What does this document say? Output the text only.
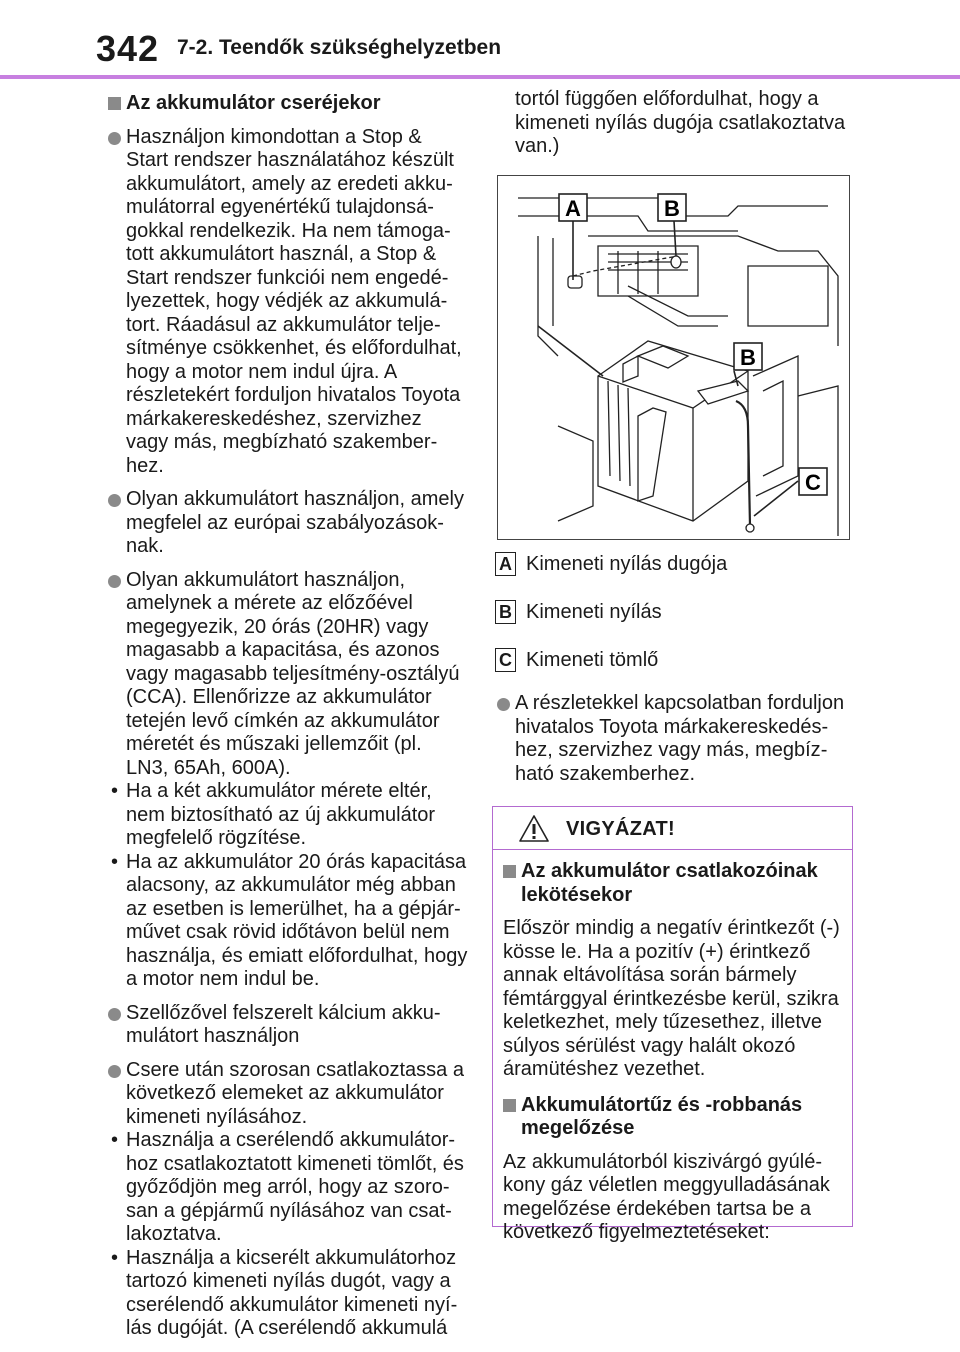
342 7-2. Teendők szükséghelyzetben
Az akkumulátor cseréjekor
Használjon kimondottan a Stop & Start rendszer használatához készült akkumulátort, amely az eredeti akkumulátorral egyenértékű tulajdonságokkal rendelkezik. Ha nem támogatott akkumulátort használ, a Stop & Start rendszer funkciói nem engedélyezettek, hogy védjék az akkumulátort. Ráadásul az akkumulátor teljesítménye csökkenhet, és előfordulhat, hogy a motor nem indul újra. A részletekért forduljon hivatalos Toyota márkakereskedéshez, szervizhez vagy más, megbízható szakemberhez.
Olyan akkumulátort használjon, amely megfelel az európai szabályozásoknak.
Olyan akkumulátort használjon, amelynek a mérete az előzőével megegyezik, 20 órás (20HR) vagy magasabb a kapacitása, és azonos vagy magasabb teljesítmény-osztályú (CCA). Ellenőrizze az akkumulátor tetején levő címkén az akkumulátor méretét és műszaki jellemzőit (pl. LN3, 65Ah, 600A).
• Ha a két akkumulátor mérete eltér, nem biztosítható az új akkumulátor megfelelő rögzítése.
• Ha az akkumulátor 20 órás kapacitása alacsony, az akkumulátor még abban az esetben is lemerülhet, ha a gépjárművet csak rövid időtávon belül nem használja, és emiatt előfordulhat, hogy a motor nem indul be.
Szellőzővel felszerelt kálcium akkumulátort használjon
Csere után szorosan csatlakoztassa a következő elemeket az akkumulátor kimeneti nyílásához.
• Használja a cserélendő akkumulátorhoz csatlakoztatott kimeneti tömlőt, és győződjön meg arról, hogy az szorosan a gépjármű nyílásához van csatlakoztatva.
• Használja a kicserélt akkumulátorhoz tartozó kimeneti nyílás dugót, vagy a cserélendő akkumulátor kimeneti nyílás dugóját. (A cserélendő akkumulá
tortól függően előfordulhat, hogy a kimeneti nyílás dugója csatlakoztatva van.)
A	B
B
C
A Kimeneti nyílás dugója
B Kimeneti nyílás
C Kimeneti tömlő
A részletekkel kapcsolatban forduljon hivatalos Toyota márkakereskedéshez, szervizhez vagy más, megbízható szakemberhez.
VIGYÁZAT!
Az akkumulátor csatlakozóinak lekötésekor

Először mindig a negatív érintkezőt (-) kösse le. Ha a pozitív (+) érintkező annak eltávolítása során bármely fémtárggyal érintkezésbe kerül, szikra keletkezhet, mely tűzesethez, illetve súlyos sérülést vagy halált okozó áramütéshez vezethet.

Akkumulátortűz és -robbanás megelőzése

Az akkumulátorból kiszivárgó gyúlékony gáz véletlen meggyulladásának megelőzése érdekében tartsa be a következő figyelmeztetéseket:
